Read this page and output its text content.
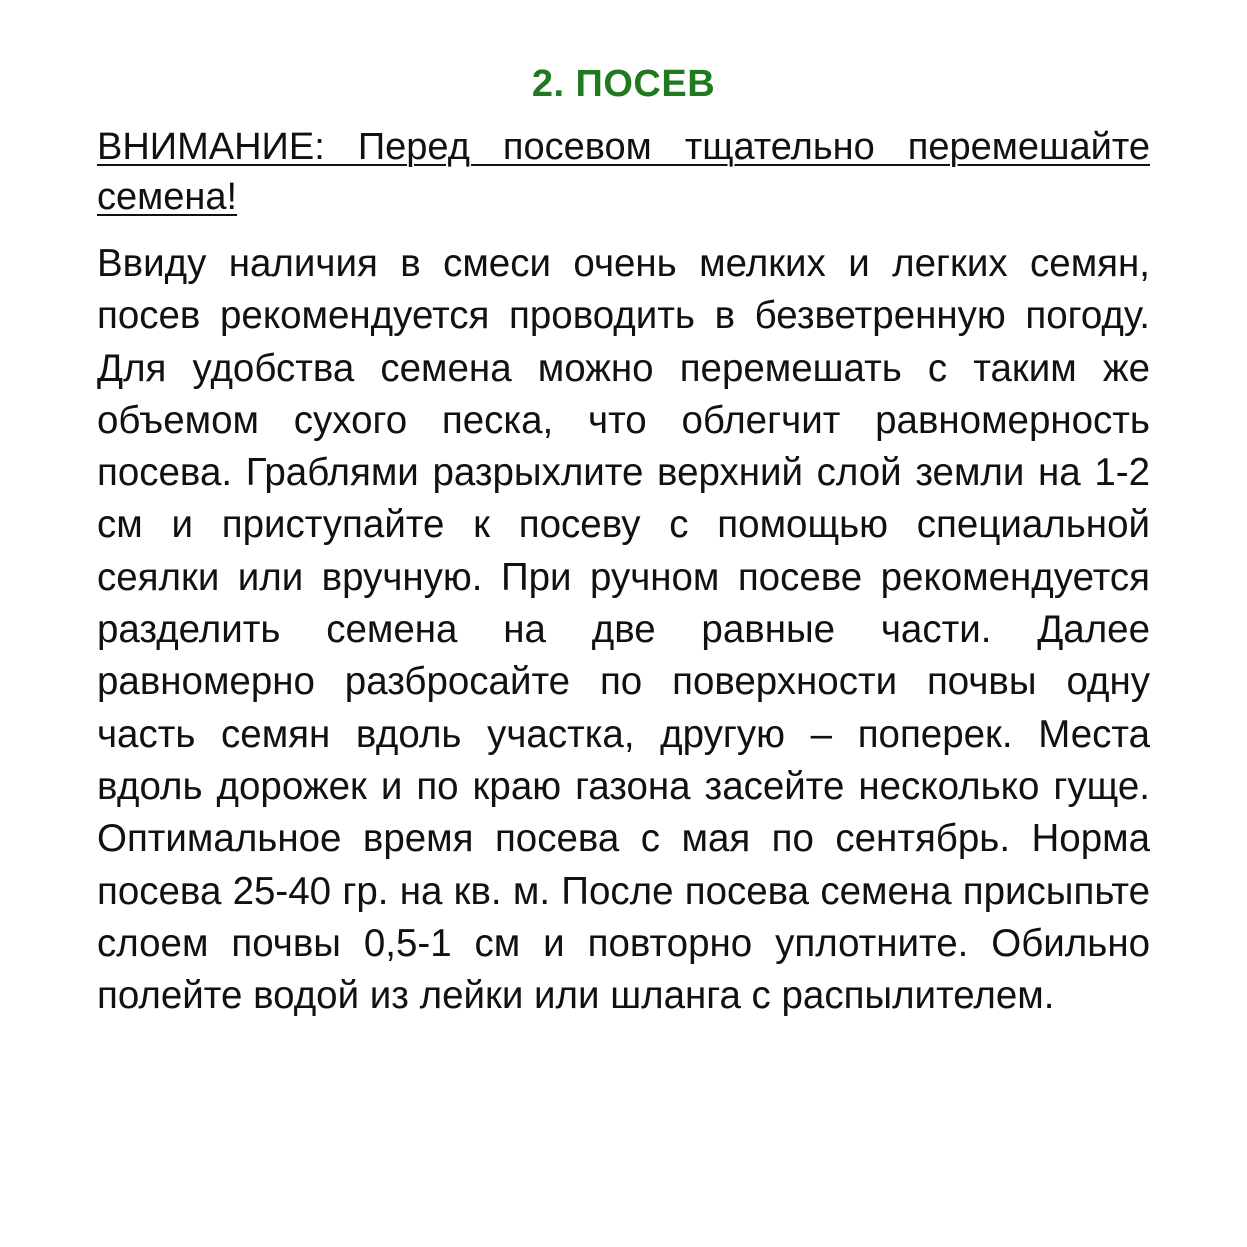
2. ПОСЕВ

ВНИМАНИЕ: Перед посевом тщательно перемешайте семена!

Ввиду наличия в смеси очень мелких и легких семян, посев рекомендуется проводить в безветренную погоду. Для удобства семена можно перемешать с таким же объемом сухого песка, что облегчит равномерность посева. Граблями разрыхлите верхний слой земли на 1-2 см и приступайте к посеву с помощью специальной сеялки или вручную. При ручном посеве рекомендуется разделить семена на две равные части. Далее равномерно разбросайте по поверхности почвы одну часть семян вдоль участка, другую – поперек. Места вдоль дорожек и по краю газона засейте несколько гуще. Оптимальное время посева с мая по сентябрь. Норма посева 25-40 гр. на кв. м. После посева семена присыпьте слоем почвы 0,5-1 см и повторно уплотните. Обильно полейте водой из лейки или шланга с распылителем.
